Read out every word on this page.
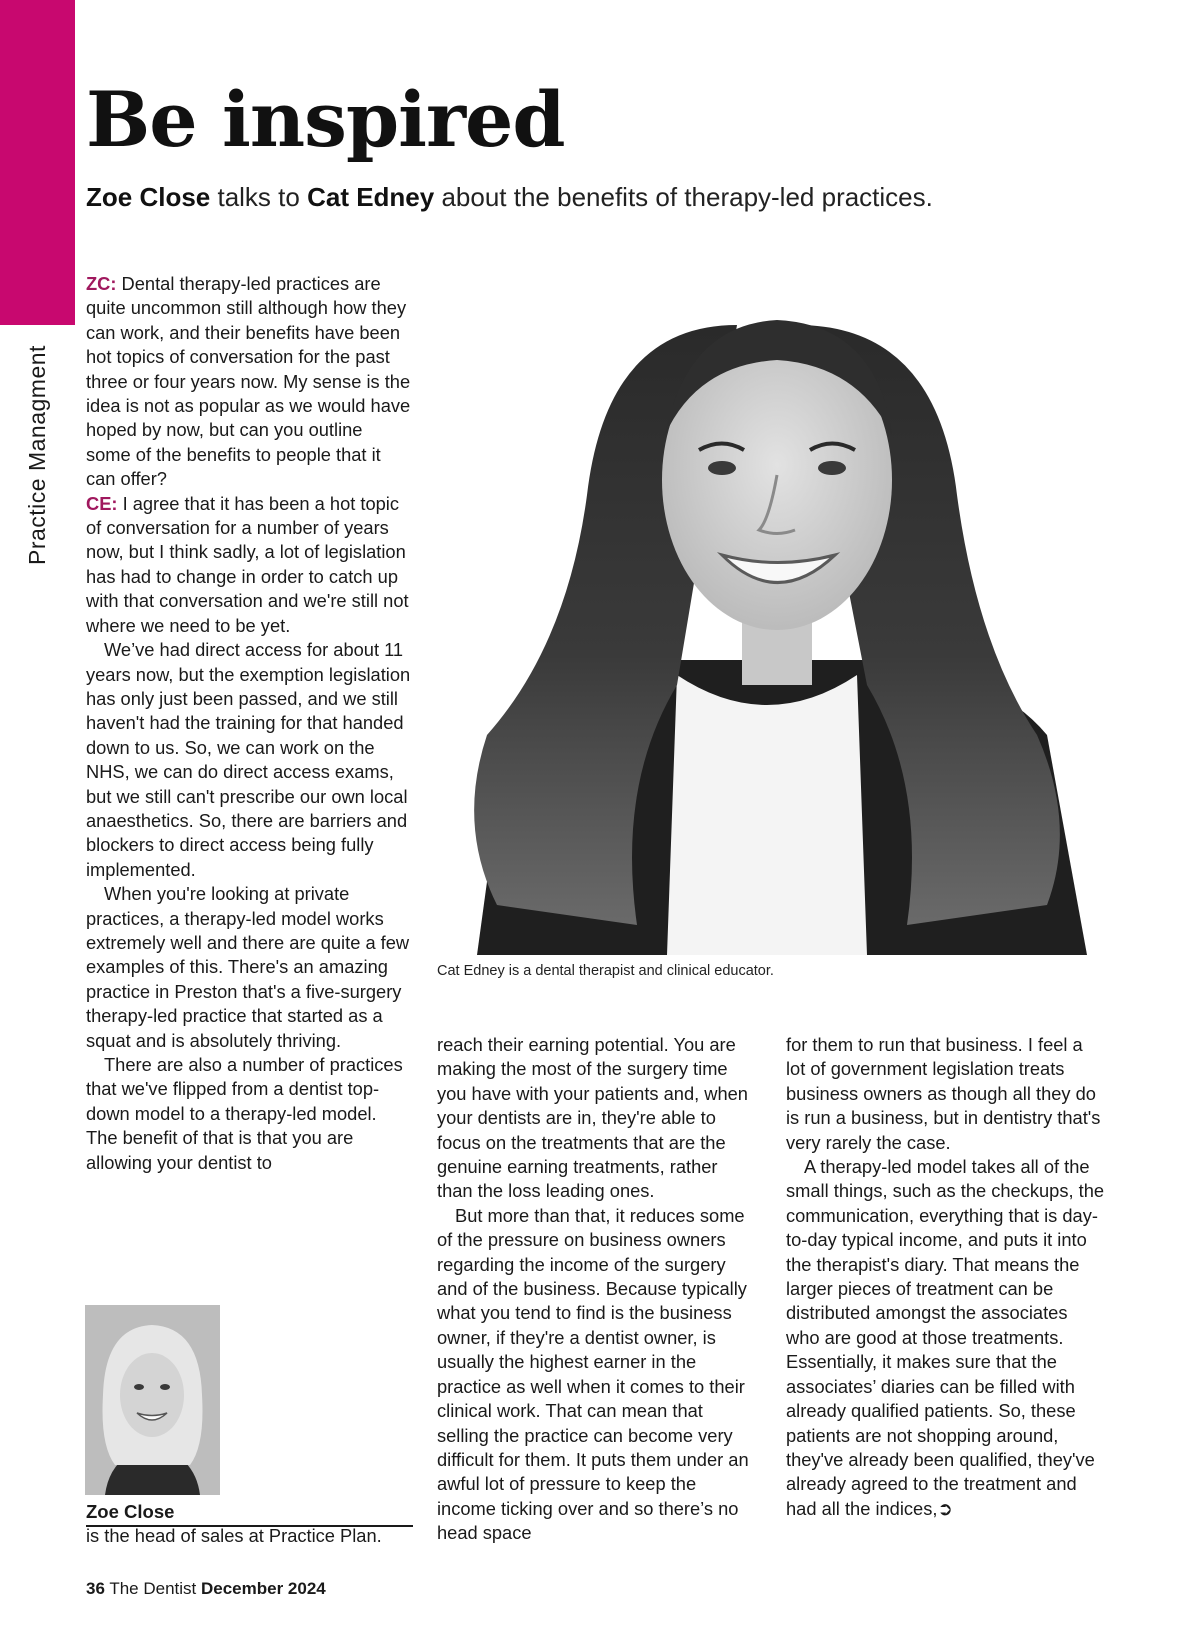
Practice Managment
Be inspired
Zoe Close talks to Cat Edney about the benefits of therapy-led practices.

ZC: Dental therapy-led practices are quite uncommon still although how they can work, and their benefits have been hot topics of conversation for the past three or four years now. My sense is the idea is not as popular as we would have hoped by now, but can you outline some of the benefits to people that it can offer?

CE: I agree that it has been a hot topic of conversation for a number of years now, but I think sadly, a lot of legislation has had to change in order to catch up with that conversation and we're still not where we need to be yet.

We’ve had direct access for about 11 years now, but the exemption legislation has only just been passed, and we still haven't had the training for that handed down to us. So, we can work on the NHS, we can do direct access exams, but we still can't prescribe our own local anaesthetics. So, there are barriers and blockers to direct access being fully implemented.

When you're looking at private practices, a therapy-led model works extremely well and there are quite a few examples of this. There's an amazing practice in Preston that's a five-surgery therapy-led practice that started as a squat and is absolutely thriving.

There are also a number of practices that we've flipped from a dentist top-down model to a therapy-led model. The benefit of that is that you are allowing your dentist to

Cat Edney is a dental therapist and clinical educator.

reach their earning potential. You are making the most of the surgery time you have with your patients and, when your dentists are in, they're able to focus on the treatments that are the genuine earning treatments, rather than the loss leading ones.

But more than that, it reduces some of the pressure on business owners regarding the income of the surgery and of the business. Because typically what you tend to find is the business owner, if they're a dentist owner, is usually the highest earner in the practice as well when it comes to their clinical work. That can mean that selling the practice can become very difficult for them. It puts them under an awful lot of pressure to keep the income ticking over and so there’s no head space

for them to run that business. I feel a lot of government legislation treats business owners as though all they do is run a business, but in dentistry that's very rarely the case.

A therapy-led model takes all of the small things, such as the checkups, the communication, everything that is day-to-day typical income, and puts it into the therapist's diary. That means the larger pieces of treatment can be distributed amongst the associates who are good at those treatments. Essentially, it makes sure that the associates’ diaries can be filled with already qualified patients. So, these patients are not shopping around, they've already been qualified, they've already agreed to the treatment and had all the indices,➲

Zoe Close
is the head of sales at Practice Plan.
36 The Dentist December 2024
